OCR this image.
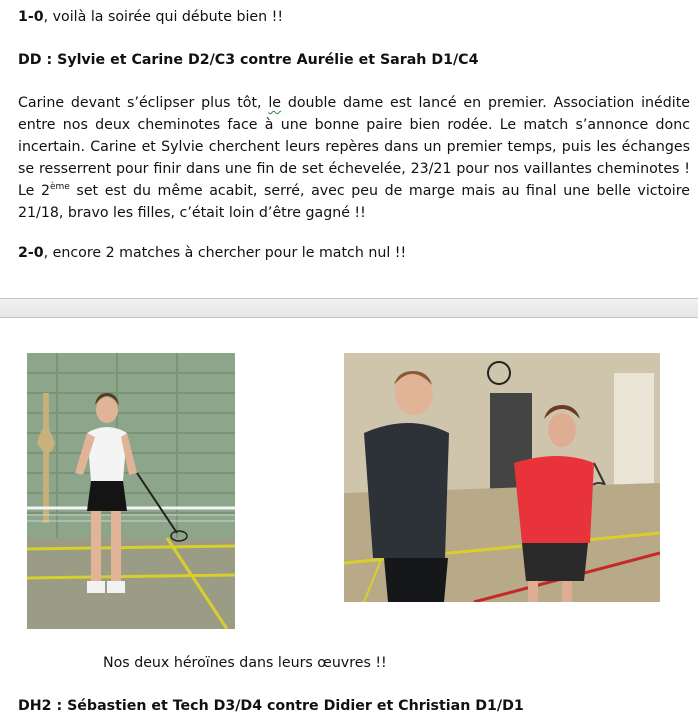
1-0, voilà la soirée qui débute bien !!

DD : Sylvie et Carine D2/C3 contre Aurélie et Sarah D1/C4

Carine devant s’éclipser plus tôt, le double dame est lancé en premier. Association inédite entre nos deux cheminotes face à une bonne paire bien rodée. Le match s’annonce donc incertain. Carine et Sylvie cherchent leurs repères dans un premier temps, puis les échanges se resserrent pour finir dans une fin de set échevelée, 23/21 pour nos vaillantes cheminotes ! Le 2ème set est du même acabit, serré, avec peu de marge mais au final une belle victoire 21/18, bravo les filles, c’était loin d’être gagné !!

2-0, encore 2 matches à chercher pour le match nul !!

Nos deux héroïnes dans leurs œuvres !!

DH2 : Sébastien et Tech D3/D4 contre Didier et Christian D1/D1
